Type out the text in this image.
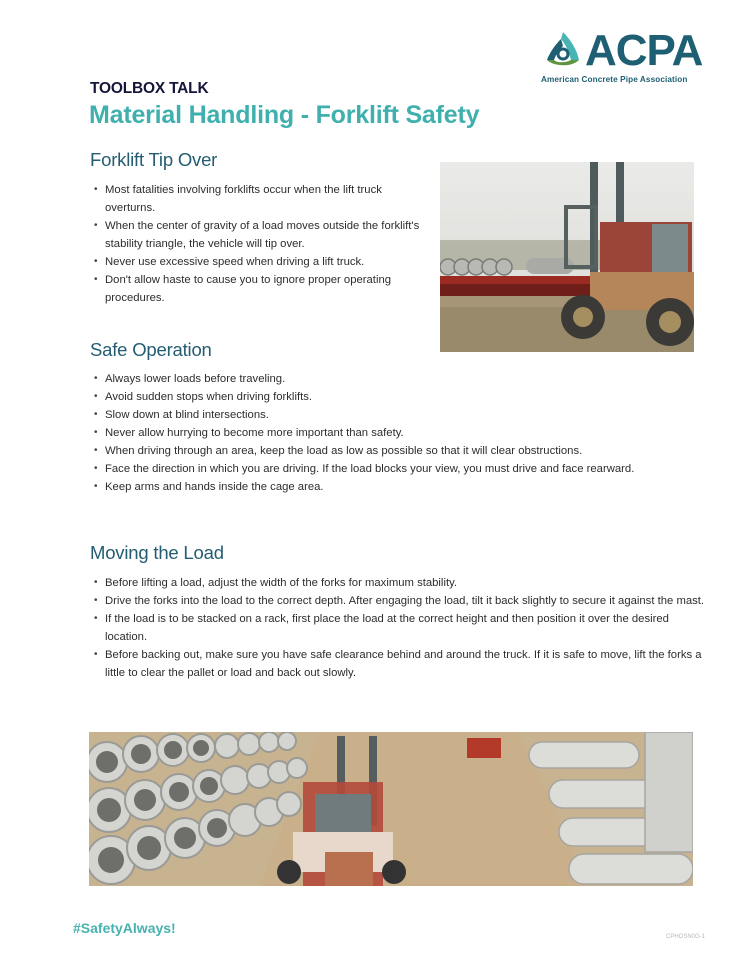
ACPA
American Concrete Pipe Association
TOOLBOX TALK
Material Handling - Forklift Safety
Forklift Tip Over
• Most fatalities involving forklifts occur when the lift truck overturns.
• When the center of gravity of a load moves outside the forklift's stability triangle, the vehicle will tip over.
• Never use excessive speed when driving a lift truck.
• Don't allow haste to cause you to ignore proper operating procedures.
Safe Operation
• Always lower loads before traveling.
• Avoid sudden stops when driving forklifts.
• Slow down at blind intersections.
• Never allow hurrying to become more important than safety.
• When driving through an area, keep the load as low as possible so that it will clear obstructions.
• Face the direction in which you are driving. If the load blocks your view, you must drive and face rearward.
• Keep arms and hands inside the cage area.
Moving the Load
• Before lifting a load, adjust the width of the forks for maximum stability.
• Drive the forks into the load to the correct depth. After engaging the load, tilt it back slightly to secure it against the mast.
• If the load is to be stacked on a rack, first place the load at the correct height and then position it over the desired location.
• Before backing out, make sure you have safe clearance behind and around the truck. If it is safe to move, lift the forks a little to clear the pallet or load and back out slowly.
#SafetyAlways!
CPHOSN0G-1
